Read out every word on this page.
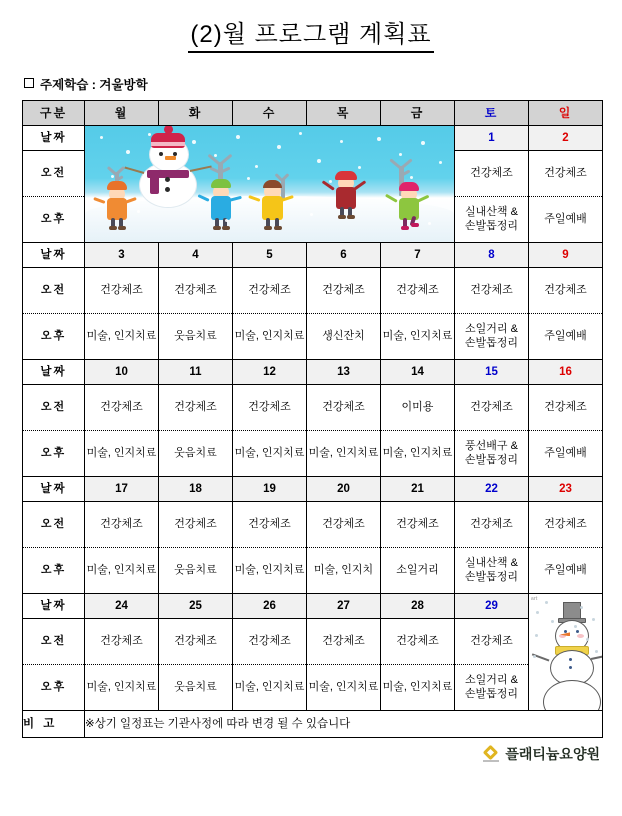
(2)월 프로그램 계획표
주제학습 : 겨울방학
구분	월	화	수	목	금	토	일
날짜						1	2
오전						건강체조	건강체조
오후						실내산책 &
손발톱정리	주일예배
날짜	3	4	5	6	7	8	9
오전	건강체조	건강체조	건강체조	건강체조	건강체조	건강체조	건강체조
오후	미술, 인지치료	웃음치료	미술, 인지치료	생신잔치	미술, 인지치료	소일거리 &
손발톱정리	주일예배
날짜	10	11	12	13	14	15	16
오전	건강체조	건강체조	건강체조	건강체조	이미용	건강체조	건강체조
오후	미술, 인지치료	웃음치료	미술, 인지치료	미술, 인지치료	미술, 인지치료	풍선배구 &
손발톱정리	주일예배
날짜	17	18	19	20	21	22	23
오전	건강체조	건강체조	건강체조	건강체조	건강체조	건강체조	건강체조
오후	미술, 인지치료	웃음치료	미술, 인지치료	미술, 인지치	소일거리	실내산책 &
손발톱정리	주일예배
날짜	24	25	26	27	28	29	art

오전	건강체조	건강체조	건강체조	건강체조	건강체조	건강체조	
오후	미술, 인지치료	웃음치료	미술, 인지치료	미술, 인지치료	미술, 인지치료	소일거리 &
손발톱정리	
비 고	※상기 일정표는 기관사정에 따라 변경 될 수 있습니다						
플래티늄요양원
